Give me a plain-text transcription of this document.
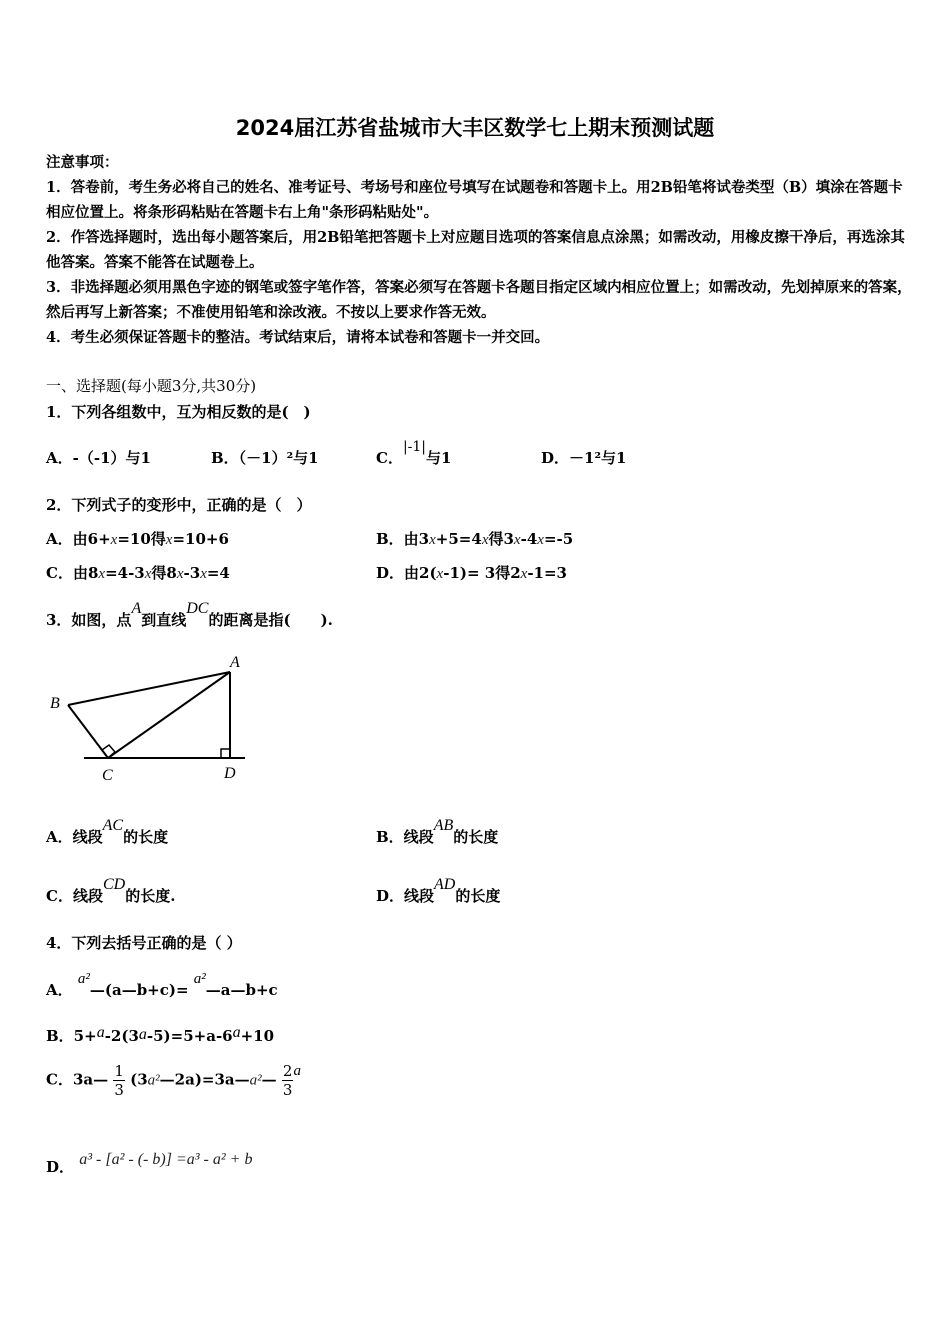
2024届江苏省盐城市大丰区数学七上期末预测试题
注意事项：
1．答卷前，考生务必将自己的姓名、准考证号、考场号和座位号填写在试题卷和答题卡上。用2B铅笔将试卷类型（B）填涂在答题卡相应位置上。将条形码粘贴在答题卡右上角"条形码粘贴处"。
2．作答选择题时，选出每小题答案后，用2B铅笔把答题卡上对应题目选项的答案信息点涂黑；如需改动，用橡皮擦干净后，再选涂其他答案。答案不能答在试题卷上。
3．非选择题必须用黑色字迹的钢笔或签字笔作答，答案必须写在答题卡各题目指定区域内相应位置上；如需改动，先划掉原来的答案，然后再写上新答案；不准使用铅笔和涂改液。不按以上要求作答无效。
4．考生必须保证答题卡的整洁。考试结束后，请将本试卷和答题卡一并交回。
一、选择题(每小题3分,共30分)
1．下列各组数中，互为相反数的是(　)
A．-（-1）与1	B．（－1）²与1	C．|-1|与1	D．－1²与1
2．下列式子的变形中，正确的是（　）
A．由6+x=10得x=10+6	B．由3x+5=4x得3x-4x=-5
C．由8x=4-3x得8x-3x=4	D．由2(x-1)= 3得2x-1=3
3．如图，点A到直线DC的距离是指(　　).
B
A
C	D
A．线段AC的长度	B．线段AB的长度
C．线段CD的长度.	D．线段AD的长度
4．下列去括号正确的是（ ）
A． a²—(a—b+c)= a²—a—b+c
B．5+a-2(3a-5)=5+a-6a+10
C．3a— $\frac{1}{3}$ (3a²—2a)=3a—a²— $\frac{2}{3}$ a
D． a³ - [a² - (- b)] =a³ - a² + b
